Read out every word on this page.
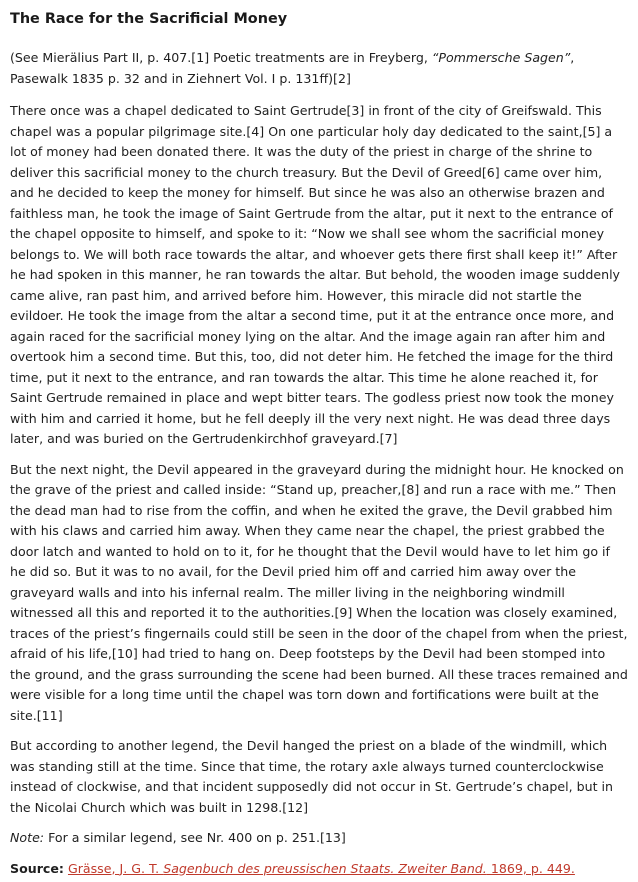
The Race for the Sacrificial Money

(See Mierälius Part II, p. 407.[1] Poetic treatments are in Freyberg, “Pommersche Sagen”, Pasewalk 1835 p. 32 and in Ziehnert Vol. I p. 131ff)[2]

There once was a chapel dedicated to Saint Gertrude[3] in front of the city of Greifswald. This chapel was a popular pilgrimage site.[4] On one particular holy day dedicated to the saint,[5] a lot of money had been donated there. It was the duty of the priest in charge of the shrine to deliver this sacrificial money to the church treasury. But the Devil of Greed[6] came over him, and he decided to keep the money for himself. But since he was also an otherwise brazen and faithless man, he took the image of Saint Gertrude from the altar, put it next to the entrance of the chapel opposite to himself, and spoke to it: “Now we shall see whom the sacrificial money belongs to. We will both race towards the altar, and whoever gets there first shall keep it!” After he had spoken in this manner, he ran towards the altar. But behold, the wooden image suddenly came alive, ran past him, and arrived before him. However, this miracle did not startle the evildoer. He took the image from the altar a second time, put it at the entrance once more, and again raced for the sacrificial money lying on the altar. And the image again ran after him and overtook him a second time. But this, too, did not deter him. He fetched the image for the third time, put it next to the entrance, and ran towards the altar. This time he alone reached it, for Saint Gertrude remained in place and wept bitter tears. The godless priest now took the money with him and carried it home, but he fell deeply ill the very next night. He was dead three days later, and was buried on the Gertrudenkirchhof graveyard.[7]

But the next night, the Devil appeared in the graveyard during the midnight hour. He knocked on the grave of the priest and called inside: “Stand up, preacher,[8] and run a race with me.” Then the dead man had to rise from the coffin, and when he exited the grave, the Devil grabbed him with his claws and carried him away. When they came near the chapel, the priest grabbed the door latch and wanted to hold on to it, for he thought that the Devil would have to let him go if he did so. But it was to no avail, for the Devil pried him off and carried him away over the graveyard walls and into his infernal realm. The miller living in the neighboring windmill witnessed all this and reported it to the authorities.[9] When the location was closely examined, traces of the priest’s fingernails could still be seen in the door of the chapel from when the priest, afraid of his life,[10] had tried to hang on. Deep footsteps by the Devil had been stomped into the ground, and the grass surrounding the scene had been burned. All these traces remained and were visible for a long time until the chapel was torn down and fortifications were built at the site.[11]

But according to another legend, the Devil hanged the priest on a blade of the windmill, which was standing still at the time. Since that time, the rotary axle always turned counterclockwise instead of clockwise, and that incident supposedly did not occur in St. Gertrude’s chapel, but in the Nicolai Church which was built in 1298.[12]

Note: For a similar legend, see Nr. 400 on p. 251.[13]

Source: Grässe, J. G. T. Sagenbuch des preussischen Staats. Zweiter Band. 1869, p. 449.
